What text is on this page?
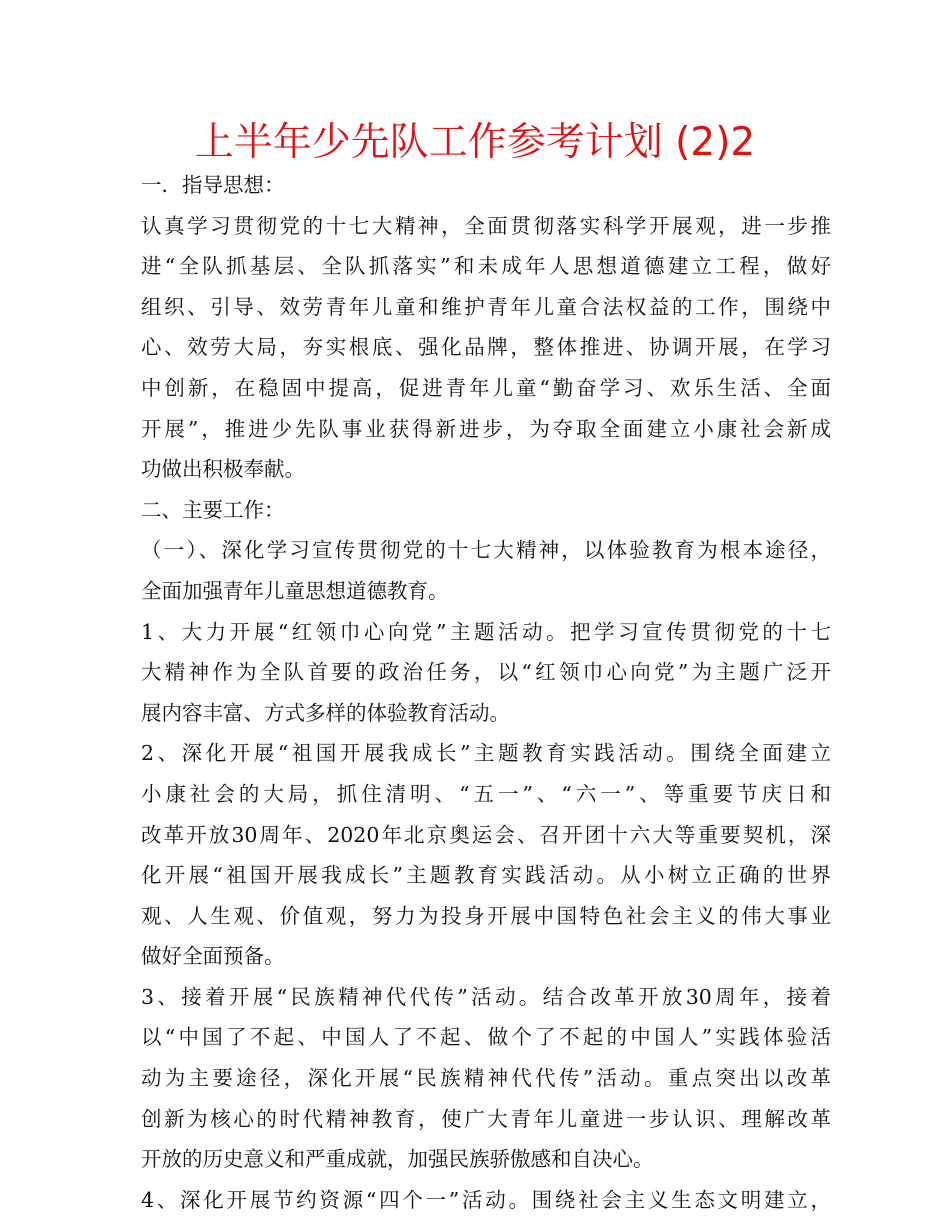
上半年少先队工作参考计划 (2)2
一．指导思想：
认真学习贯彻党的十七大精神，全面贯彻落实科学开展观，进一步推
进“全队抓基层、全队抓落实”和未成年人思想道德建立工程，做好
组织、引导、效劳青年儿童和维护青年儿童合法权益的工作，围绕中
心、效劳大局，夯实根底、强化品牌，整体推进、协调开展，在学习
中创新，在稳固中提高，促进青年儿童“勤奋学习、欢乐生活、全面
开展”，推进少先队事业获得新进步，为夺取全面建立小康社会新成
功做出积极奉献。
二、主要工作：
（一）、深化学习宣传贯彻党的十七大精神，以体验教育为根本途径，
全面加强青年儿童思想道德教育。
1、大力开展“红领巾心向党”主题活动。把学习宣传贯彻党的十七
大精神作为全队首要的政治任务，以“红领巾心向党”为主题广泛开
展内容丰富、方式多样的体验教育活动。
2、深化开展“祖国开展我成长”主题教育实践活动。围绕全面建立
小康社会的大局，抓住清明、“五一”、“六一”、等重要节庆日和
改革开放30周年、2020年北京奥运会、召开团十六大等重要契机，深
化开展“祖国开展我成长”主题教育实践活动。从小树立正确的世界
观、人生观、价值观，努力为投身开展中国特色社会主义的伟大事业
做好全面预备。
3、接着开展“民族精神代代传”活动。结合改革开放30周年，接着
以“中国了不起、中国人了不起、做个了不起的中国人”实践体验活
动为主要途径，深化开展“民族精神代代传”活动。重点突出以改革
创新为核心的时代精神教育，使广大青年儿童进一步认识、理解改革
开放的历史意义和严重成就，加强民族骄傲感和自决心。
4、深化开展节约资源“四个一”活动。围绕社会主义生态文明建立，
